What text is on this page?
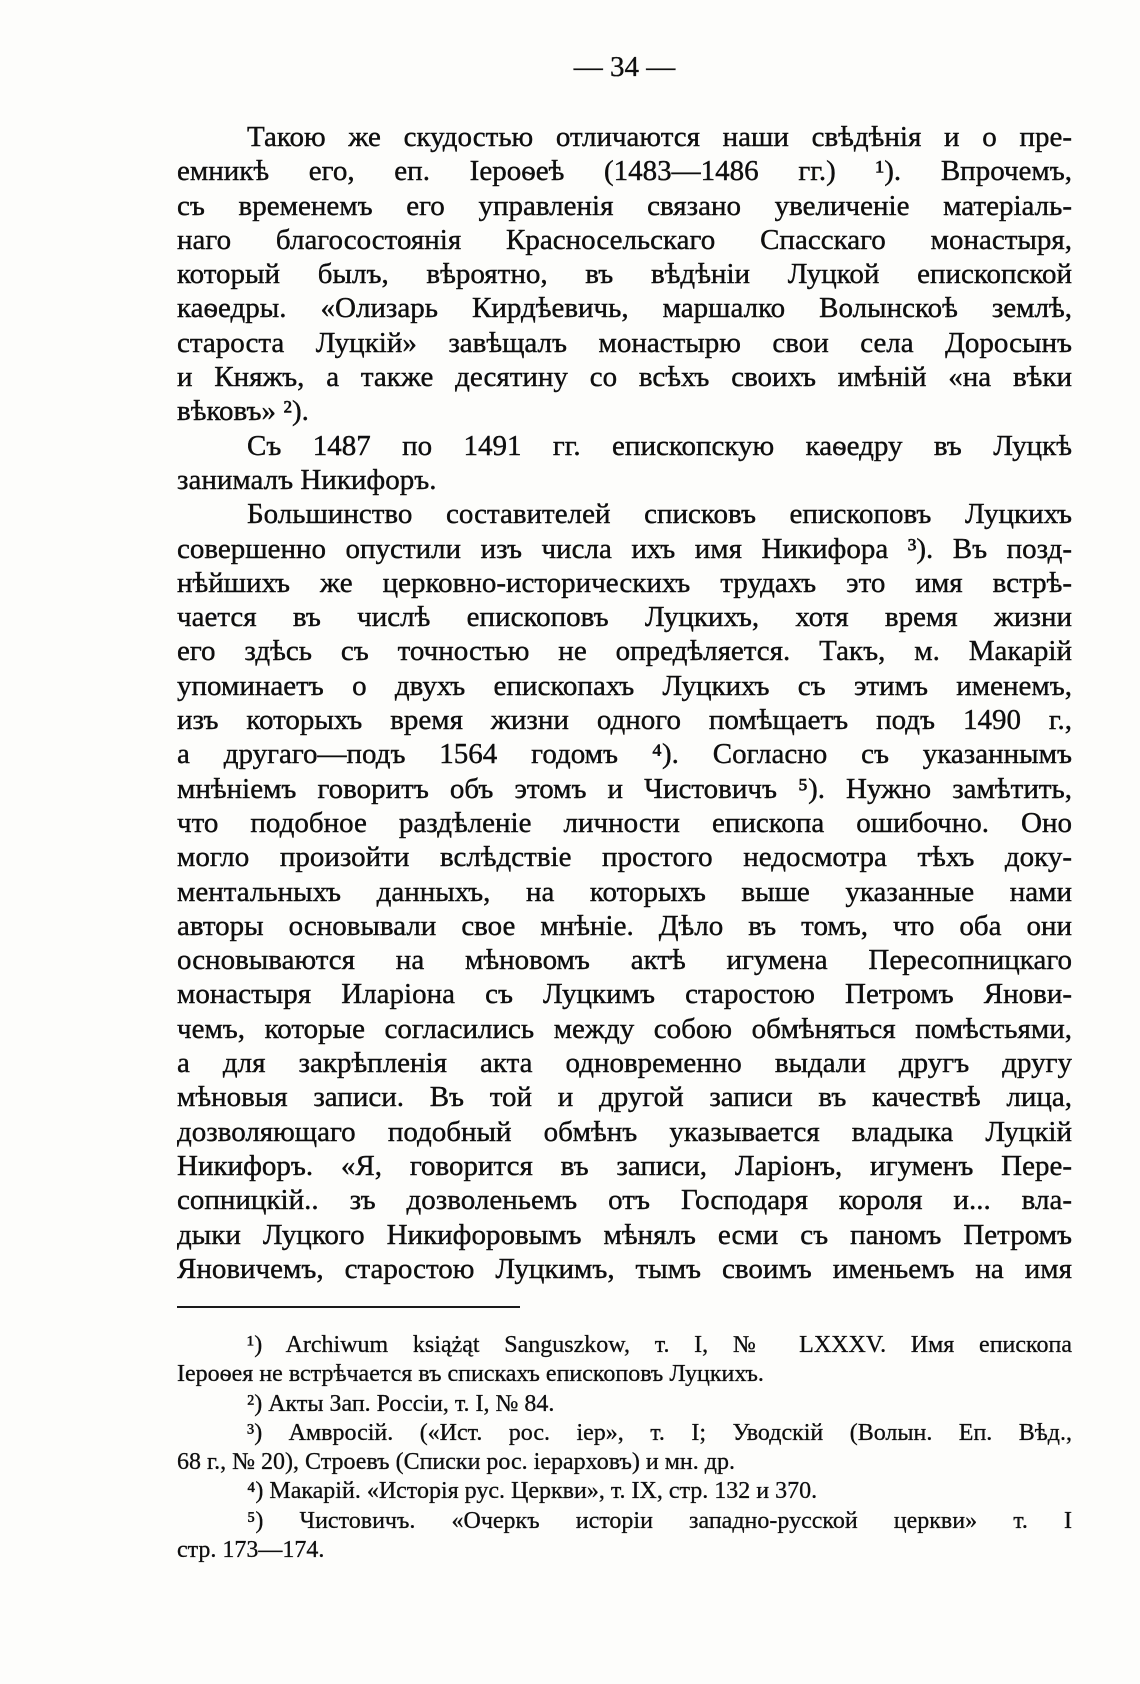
— 34 —
Такою же скудостью отличаются наши свѣдѣнія и о пре-
емникѣ его, еп. Іероѳеѣ (1483—1486 гг.) ¹). Впрочемъ,
съ временемъ его управленія связано увеличеніе матеріаль-
наго благосостоянія Красносельскаго Спасскаго монастыря,
который былъ, вѣроятно, въ вѣдѣніи Луцкой епископской
каѳедры. «Олизарь Кирдѣевичь, маршалко Волынскоѣ землѣ,
староста Луцкій» завѣщалъ монастырю свои села Доросынъ
и Княжъ, а также десятину со всѣхъ своихъ имѣній «на вѣки
вѣковъ» ²).
Съ 1487 по 1491 гг. епископскую каѳедру въ Луцкѣ
занималъ Никифоръ.
Большинство составителей списковъ епископовъ Луцкихъ
совершенно опустили изъ числа ихъ имя Никифора ³). Въ позд-
нѣйшихъ же церковно-историческихъ трудахъ это имя встрѣ-
чается въ числѣ епископовъ Луцкихъ, хотя время жизни
его здѣсь съ точностью не опредѣляется. Такъ, м. Макарій
упоминаетъ о двухъ епископахъ Луцкихъ съ этимъ именемъ,
изъ которыхъ время жизни одного помѣщаетъ подъ 1490 г.,
а другаго—подъ 1564 годомъ ⁴). Согласно съ указаннымъ
мнѣніемъ говоритъ объ этомъ и Чистовичъ ⁵). Нужно замѣтить,
что подобное раздѣленіе личности епископа ошибочно. Оно
могло произойти вслѣдствіе простого недосмотра тѣхъ доку-
ментальныхъ данныхъ, на которыхъ выше указанные нами
авторы основывали свое мнѣніе. Дѣло въ томъ, что оба они
основываются на мѣновомъ актѣ игумена Пересопницкаго
монастыря Иларіона съ Луцкимъ старостою Петромъ Янови-
чемъ, которые согласились между собою обмѣняться помѣстьями,
а для закрѣпленія акта одновременно выдали другъ другу
мѣновыя записи. Въ той и другой записи въ качествѣ лица,
дозволяющаго подобный обмѣнъ указывается владыка Луцкій
Никифоръ. «Я, говорится въ записи, Ларіонъ, игуменъ Пере-
сопницкій.. зъ дозволеньемъ отъ Господаря короля и... вла-
дыки Луцкого Никифоровымъ мѣнялъ есми съ паномъ Петромъ
Яновичемъ, старостою Луцкимъ, тымъ своимъ именьемъ на имя
¹) Archiwum książąt Sanguszkow, т. I, № LXXXV. Имя епископа
Іероѳея не встрѣчается въ спискахъ епископовъ Луцкихъ.
²) Акты Зап. Россіи, т. I, № 84.
³) Амвросій. («Ист. рос. іер», т. I; Уводскій (Волын. Еп. Вѣд.,
68 г., № 20), Строевъ (Списки рос. іерарховъ) и мн. др.
⁴) Макарій. «Исторія рус. Церкви», т. IX, стр. 132 и 370.
⁵) Чистовичъ. «Очеркъ исторіи западно-русской церкви» т. I
стр. 173—174.
